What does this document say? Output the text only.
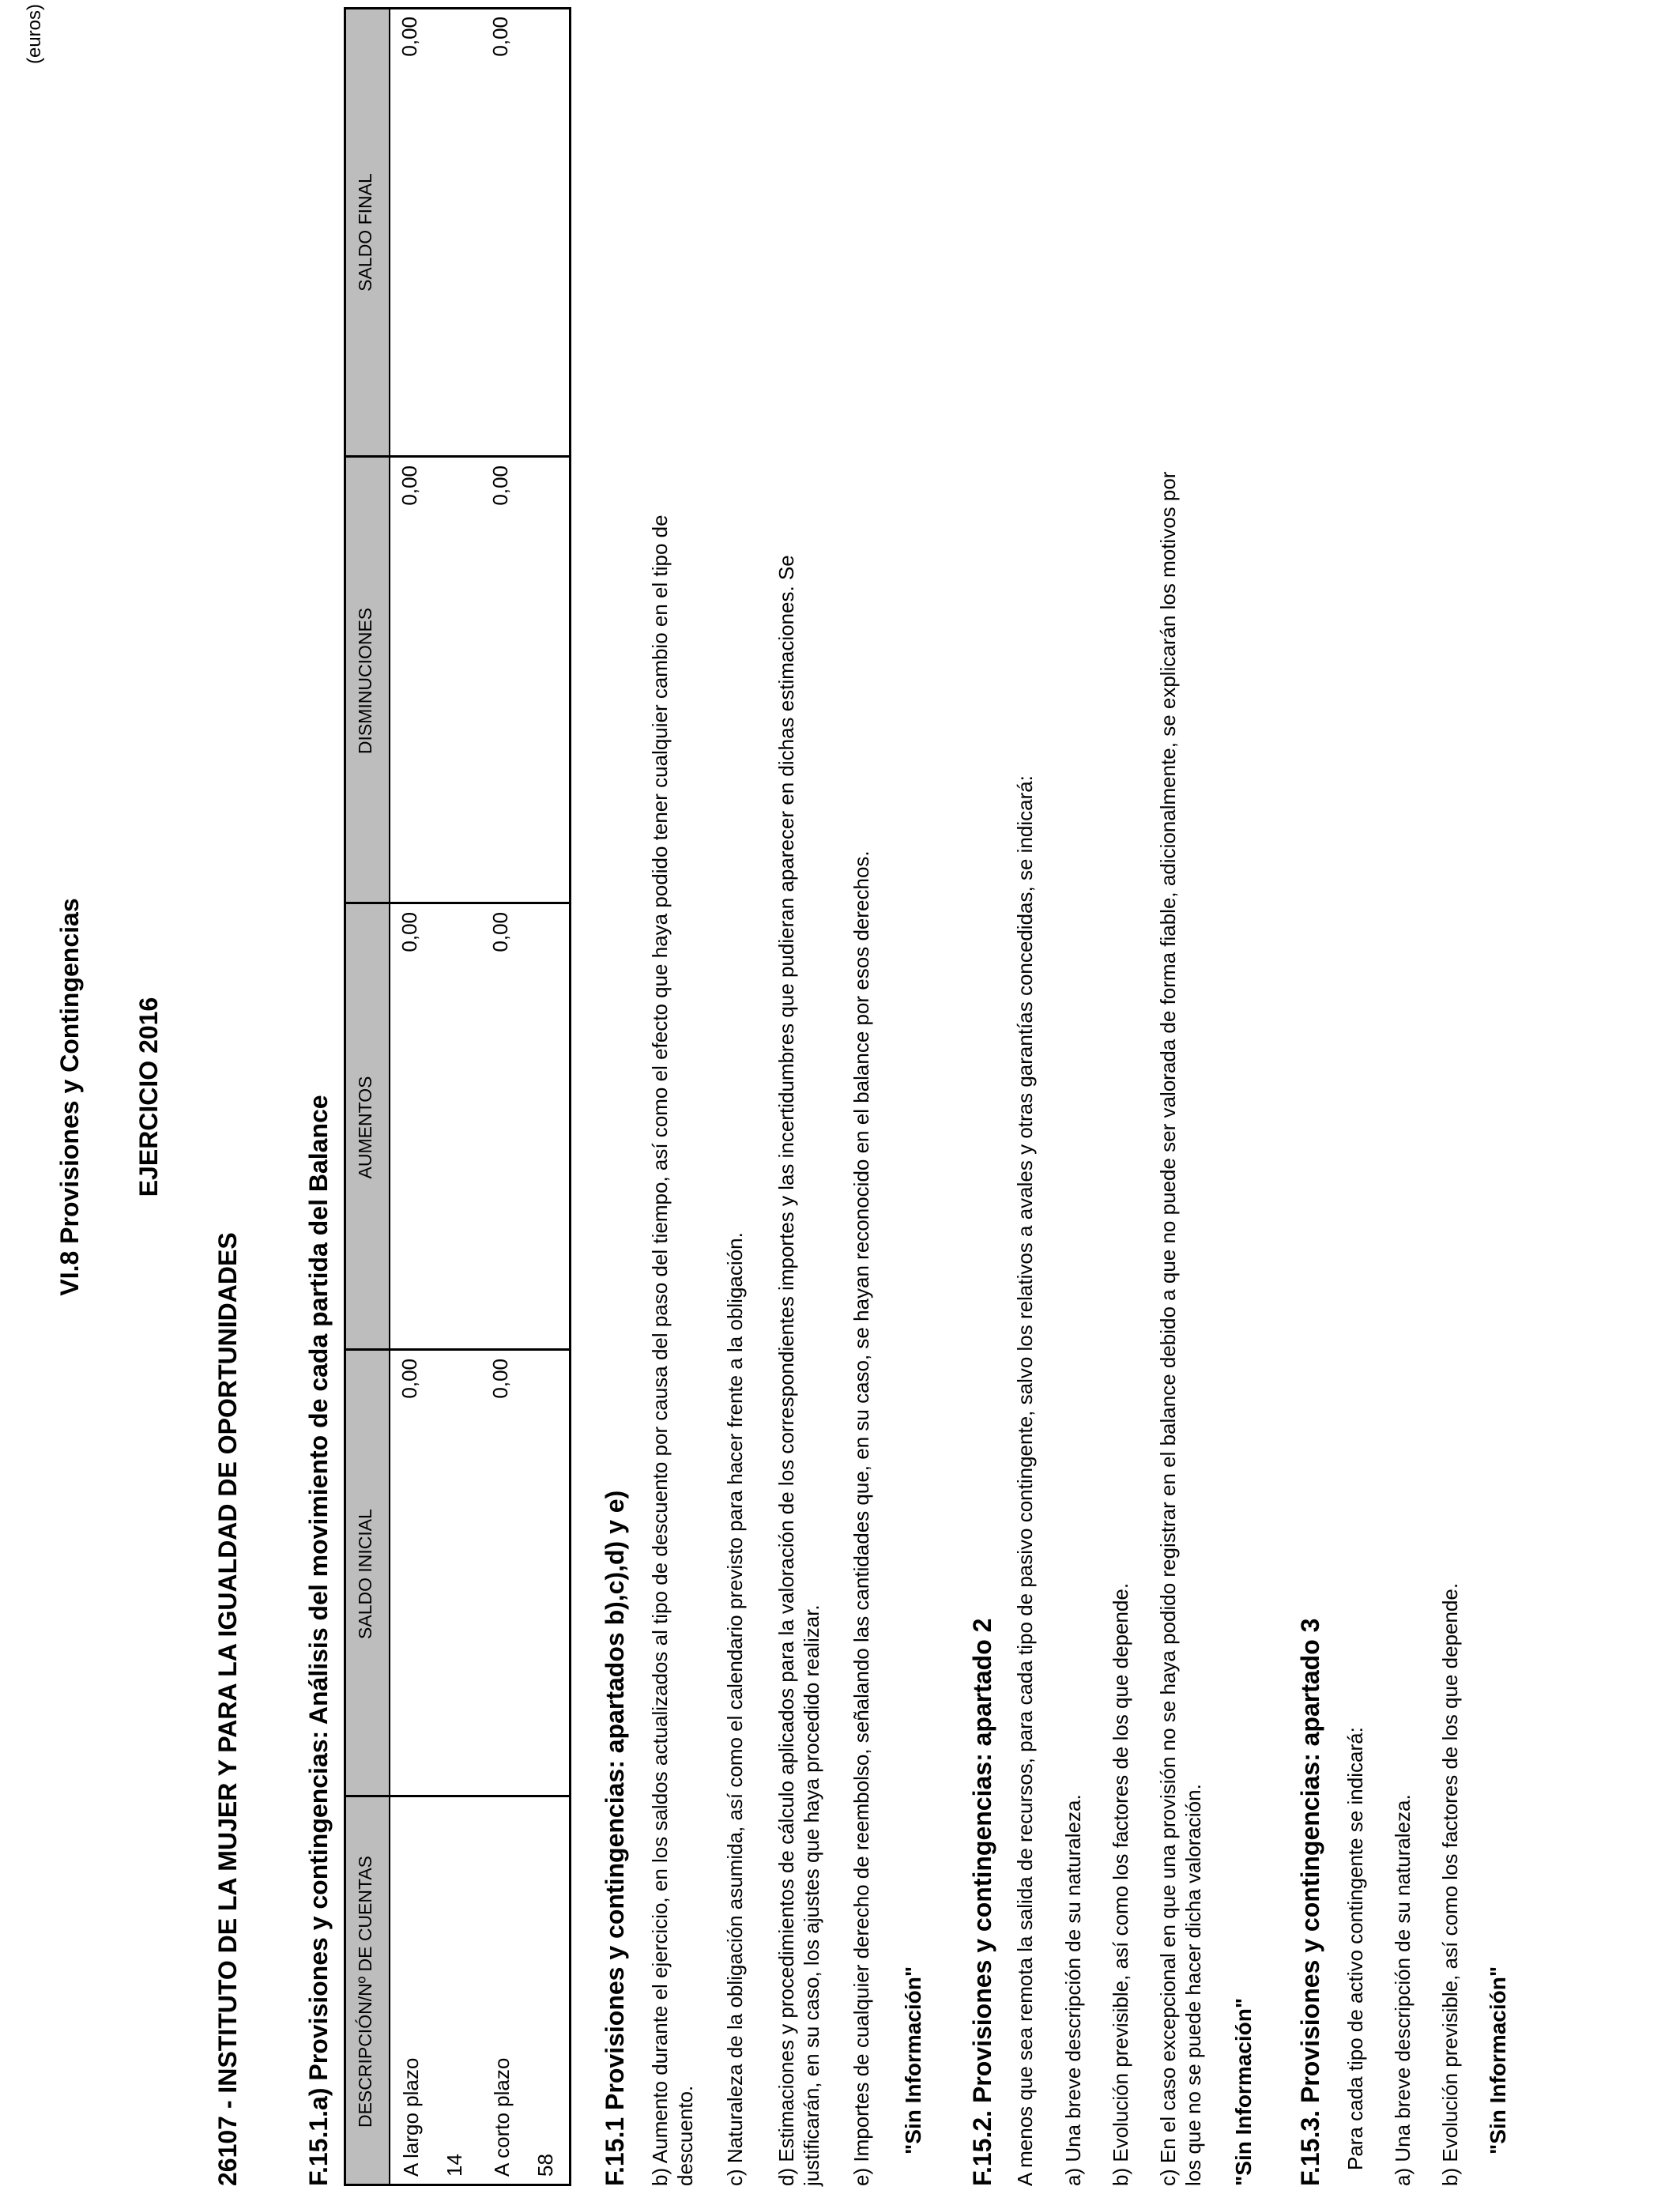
VI.8 Provisiones y Contingencias EJERCICIO 2016
26107 - INSTITUTO DE LA MUJER Y PARA LA IGUALDAD DE OPORTUNIDADES
(euros)
F.15.1.a) Provisiones y contingencias: Análisis del movimiento de cada partida del Balance	DESCRIPCIÓN/Nº DE CUENTAS
SALDO INICIAL
AUMENTOS
DISMINUCIONES
SALDO FINAL
A largo plazo 14
0,00
0,00
0,00
0,00
A corto plazo 58
0,00
0,00
0,00
0,00
F.15.1 Provisiones y contingencias: apartados b),c),d) y e) b) Aumento durante el ejercicio, en los saldos actualizados al tipo de descuento por causa del paso del tiempo, así como el efecto que haya podido tener cualquier cambio en el tipo de descuento. c) Naturaleza de la obligación asumida, así como el calendario previsto para hacer frente a la obligación. d) Estimaciones y procedimientos de cálculo aplicados para la valoración de los correspondientes importes y las incertidumbres que pudieran aparecer en dichas estimaciones. Se justificarán, en su caso, los ajustes que haya procedido realizar. e) Importes de cualquier derecho de reembolso, señalando las cantidades que, en su caso, se hayan reconocido en el balance por esos derechos. "Sin Información" F.15.2. Provisiones y contingencias: apartado 2 A menos que sea remota la salida de recursos, para cada tipo de pasivo contingente, salvo los relativos a avales y otras garantías concedidas, se indicará: a) Una breve descripción de su naturaleza. b) Evolución previsible, así como los factores de los que depende. c) En el caso excepcional en que una provisión no se haya podido registrar en el balance debido a que no puede ser valorada de forma fiable, adicionalmente, se explicarán los motivos por los que no se puede hacer dicha valoración. "Sin Información" F.15.3. Provisiones y contingencias: apartado 3 Para cada tipo de activo contingente se indicará: a) Una breve descripción de su naturaleza. b) Evolución previsible, así como los factores de los que depende. "Sin Información"
